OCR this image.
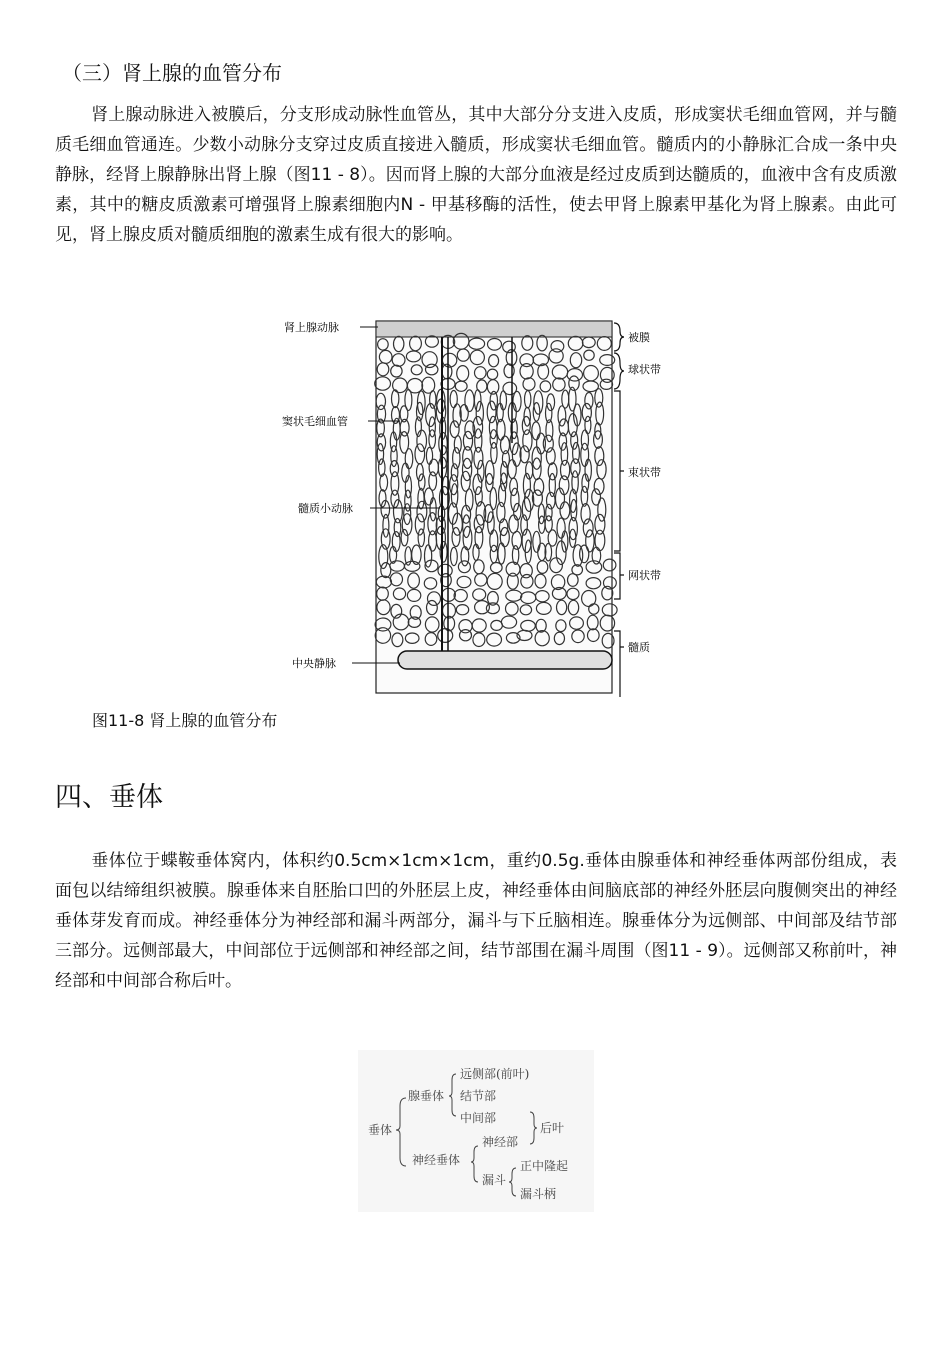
（三）肾上腺的血管分布

肾上腺动脉进入被膜后，分支形成动脉性血管丛，其中大部分分支进入皮质，形成窦状毛细血管网，并与髓质毛细血管通连。少数小动脉分支穿过皮质直接进入髓质，形成窦状毛细血管。髓质内的小静脉汇合成一条中央静脉，经肾上腺静脉出肾上腺（图11 - 8）。因而肾上腺的大部分血液是经过皮质到达髓质的，血液中含有皮质激素，其中的糖皮质激素可增强肾上腺素细胞内N - 甲基移酶的活性，使去甲肾上腺素甲基化为肾上腺素。由此可见，肾上腺皮质对髓质细胞的激素生成有很大的影响。

肾上腺动脉
窦状毛细血管
髓质小动脉
中央静脉
被膜
球状带
束状带
网状带
髓质

图11-8 肾上腺的血管分布

四、垂体

垂体位于蝶鞍垂体窝内，体积约0.5cm×1cm×1cm，重约0.5g.垂体由腺垂体和神经垂体两部份组成，表面包以结缔组织被膜。腺垂体来自胚胎口凹的外胚层上皮，神经垂体由间脑底部的神经外胚层向腹侧突出的神经垂体芽发育而成。神经垂体分为神经部和漏斗两部分，漏斗与下丘脑相连。腺垂体分为远侧部、中间部及结节部三部分。远侧部最大，中间部位于远侧部和神经部之间，结节部围在漏斗周围（图11 - 9）。远侧部又称前叶，神经部和中间部合称后叶。

垂体
腺垂体
远侧部(前叶)
结节部
中间部
后叶
神经部
神经垂体
漏斗
正中隆起
漏斗柄
